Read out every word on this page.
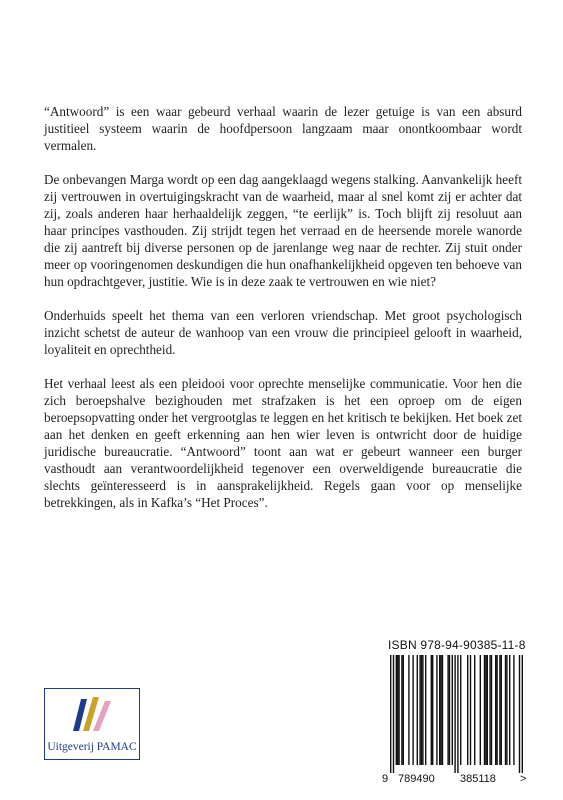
“Antwoord” is een waar gebeurd verhaal waarin de lezer getuige is van een absurd justitieel systeem waarin de hoofdpersoon langzaam maar onontkoombaar wordt vermalen.

De onbevangen Marga wordt op een dag aangeklaagd wegens stalking. Aanvankelijk heeft zij vertrouwen in overtuigingskracht van de waarheid, maar al snel komt zij er achter dat zij, zoals anderen haar herhaaldelijk zeggen, “te eerlijk” is. Toch blijft zij resoluut aan haar principes vasthouden. Zij strijdt tegen het verraad en de heersende morele wanorde die zij aantreft bij diverse personen op de jarenlange weg naar de rechter. Zij stuit onder meer op vooringenomen deskundigen die hun onafhankelijkheid opgeven ten behoeve van hun opdrachtgever, justitie. Wie is in deze zaak te vertrouwen en wie niet?

Onderhuids speelt het thema van een verloren vriendschap. Met groot psychologisch inzicht schetst de auteur de wanhoop van een vrouw die principieel gelooft in waarheid, loyaliteit en oprechtheid.

Het verhaal leest als een pleidooi voor oprechte menselijke communicatie. Voor hen die zich beroepshalve bezighouden met strafzaken is het een oproep om de eigen beroepsopvatting onder het vergrootglas te leggen en het kritisch te bekijken. Het boek zet aan het denken en geeft erkenning aan hen wier leven is ontwricht door de huidige juridische bureaucratie. “Antwoord” toont aan wat er gebeurt wanneer een burger vasthoudt aan verantwoordelijkheid tegenover een overweldigende bureaucratie die slechts geïnteresseerd is in aansprakelijkheid. Regels gaan voor op menselijke betrekkingen, als in Kafka’s “Het Proces”.

ISBN 978-94-90385-11-8
9 789490 385118 >
Uitgeverij PAMAC
